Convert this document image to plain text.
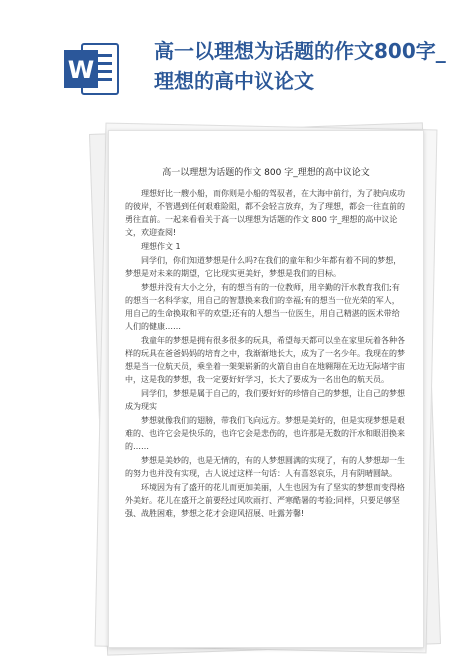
W
高一以理想为话题的作文800字_理想的高中议论文
高一以理想为话题的作文 800 字_理想的高中议论文

理想好比一艘小船，而你则是小船的驾驭者，在大海中前行，为了驶向成功的彼岸，不管遇到任何艰难险阻，都不会轻言放弃，为了理想，都会一往直前的勇往直前。一起来看看关于高一以理想为话题的作文 800 字_理想的高中议论文，欢迎查阅!

理想作文 1

同学们，你们知道梦想是什么吗?在我们的童年和少年都有着不同的梦想，梦想是对未来的期望，它比现实更美好，梦想是我们的目标。

梦想并没有大小之分，有的想当有的一位教师，用辛勤的汗水教育我们;有的想当一名科学家，用自己的智慧换来我们的幸福;有的想当一位光荣的军人，用自己的生命换取和平的欢望;还有的人想当一位医生，用自己精湛的医术带给人们的健康……

我童年的梦想是拥有很多很多的玩具，希望每天都可以坐在家里玩着各种各样的玩具在爸爸妈妈的培育之中，我渐渐地长大，成为了一名少年。我现在的梦想是当一位航天员，乘坐着一架架崭新的火箭自由自在地翱翔在无边无际堵宇宙中，这是我的梦想，我一定要好好学习，长大了要成为一名出色的航天员。

同学们，梦想是属于自己的，我们要好好的珍惜自己的梦想，让自己的梦想成为现实

梦想就像我们的翅膀，带我们飞向远方。梦想是美好的，但是实现梦想是艰难的、也许它会是快乐的，也许它会是悲伤的，也许那是无数的汗水和眼泪换来的……

梦想是美妙的，也是无情的，有的人梦想圆满的实现了，有的人梦想却一生的努力也并没有实现，古人说过这样一句话：人有喜怒哀乐，月有阴晴圆缺。

环境因为有了盛开的花儿而更加美丽，人生也因为有了坚实的梦想而变得格外美好。花儿在盛开之前要经过风吹雨打、严寒酷暑的考验;同样，只要足够坚强、战胜困难，梦想之花才会迎风招展、吐露芳馨!
